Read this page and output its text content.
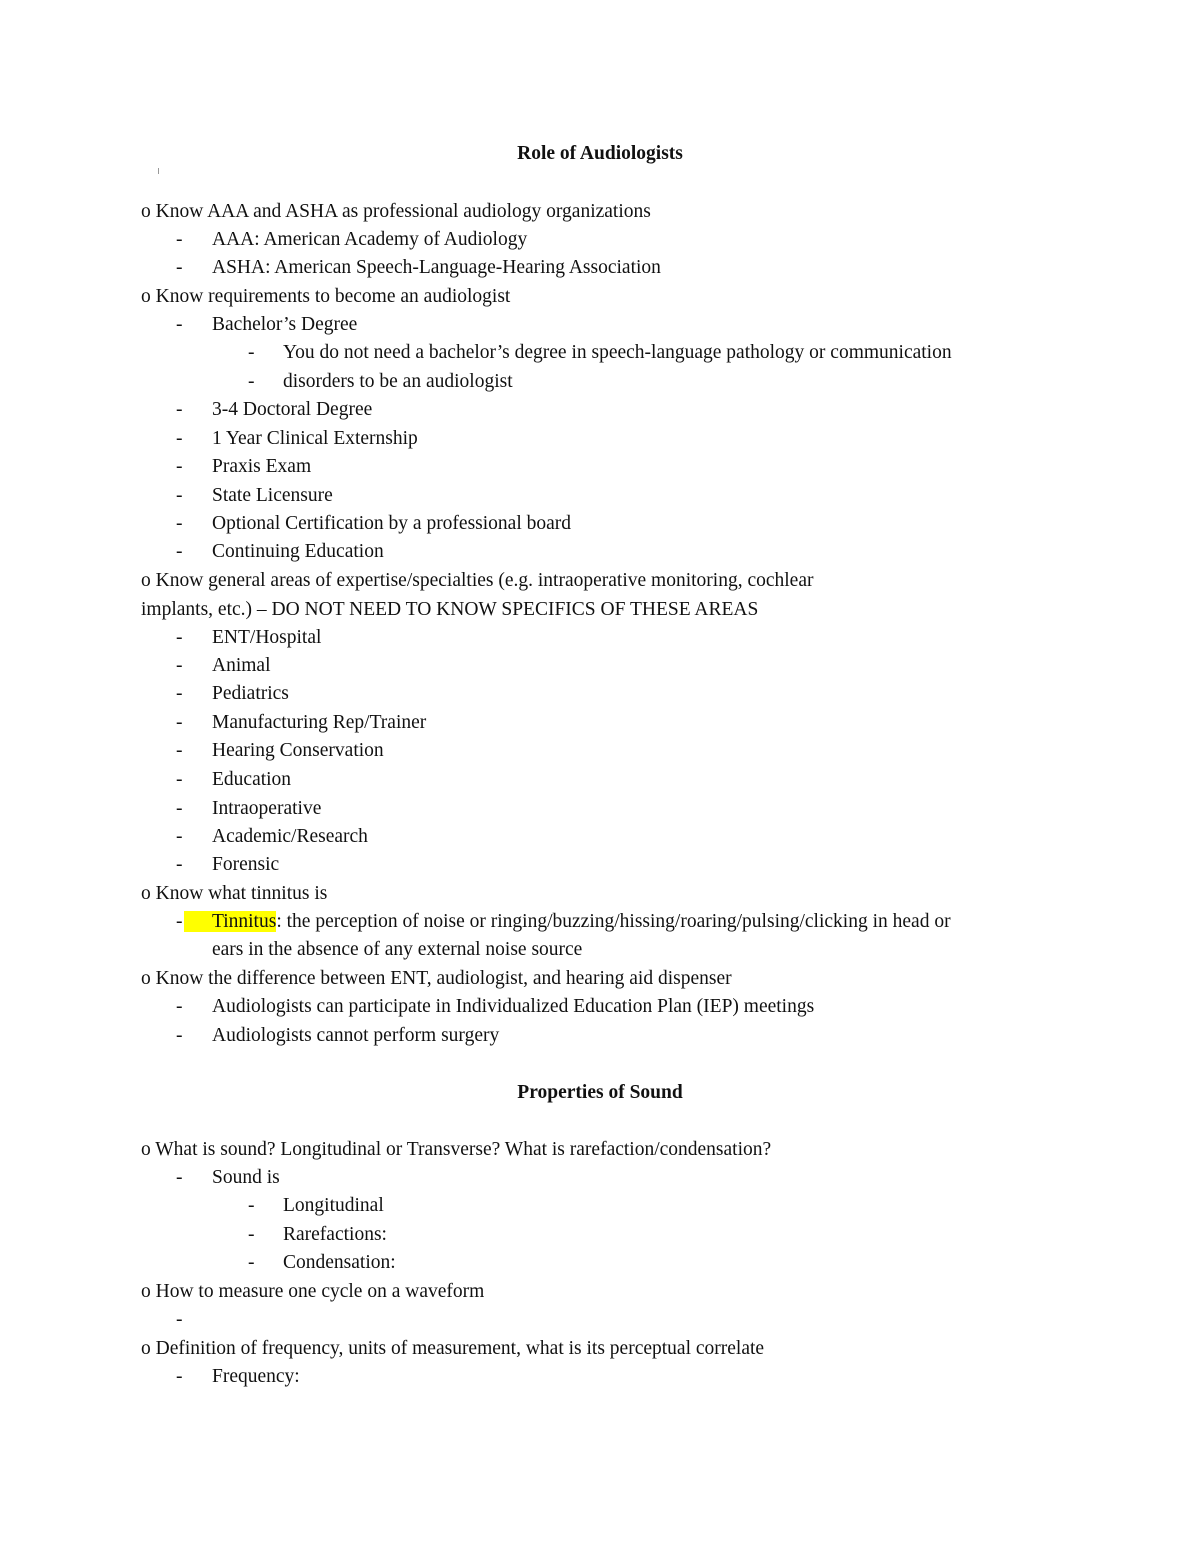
Role of Audiologists
o Know AAA and ASHA as professional audiology organizations
- AAA: American Academy of Audiology
- ASHA: American Speech-Language-Hearing Association
o Know requirements to become an audiologist
- Bachelor’s Degree
- You do not need a bachelor’s degree in speech-language pathology or communication
- disorders to be an audiologist
- 3-4 Doctoral Degree
- 1 Year Clinical Externship
- Praxis Exam
- State Licensure
- Optional Certification by a professional board
- Continuing Education
o Know general areas of expertise/specialties (e.g. intraoperative monitoring, cochlear
implants, etc.) – DO NOT NEED TO KNOW SPECIFICS OF THESE AREAS
- ENT/Hospital
- Animal
- Pediatrics
- Manufacturing Rep/Trainer
- Hearing Conservation
- Education
- Intraoperative
- Academic/Research
- Forensic
o Know what tinnitus is
-	Tinnitus: the perception of noise or ringing/buzzing/hissing/roaring/pulsing/clicking in head or
ears in the absence of any external noise source
o Know the difference between ENT, audiologist, and hearing aid dispenser
- Audiologists can participate in Individualized Education Plan (IEP) meetings
- Audiologists cannot perform surgery
Properties of Sound
o What is sound? Longitudinal or Transverse? What is rarefaction/condensation?
- Sound is
- Longitudinal
- Rarefactions:
- Condensation:
o How to measure one cycle on a waveform
-
o Definition of frequency, units of measurement, what is its perceptual correlate
- Frequency:
